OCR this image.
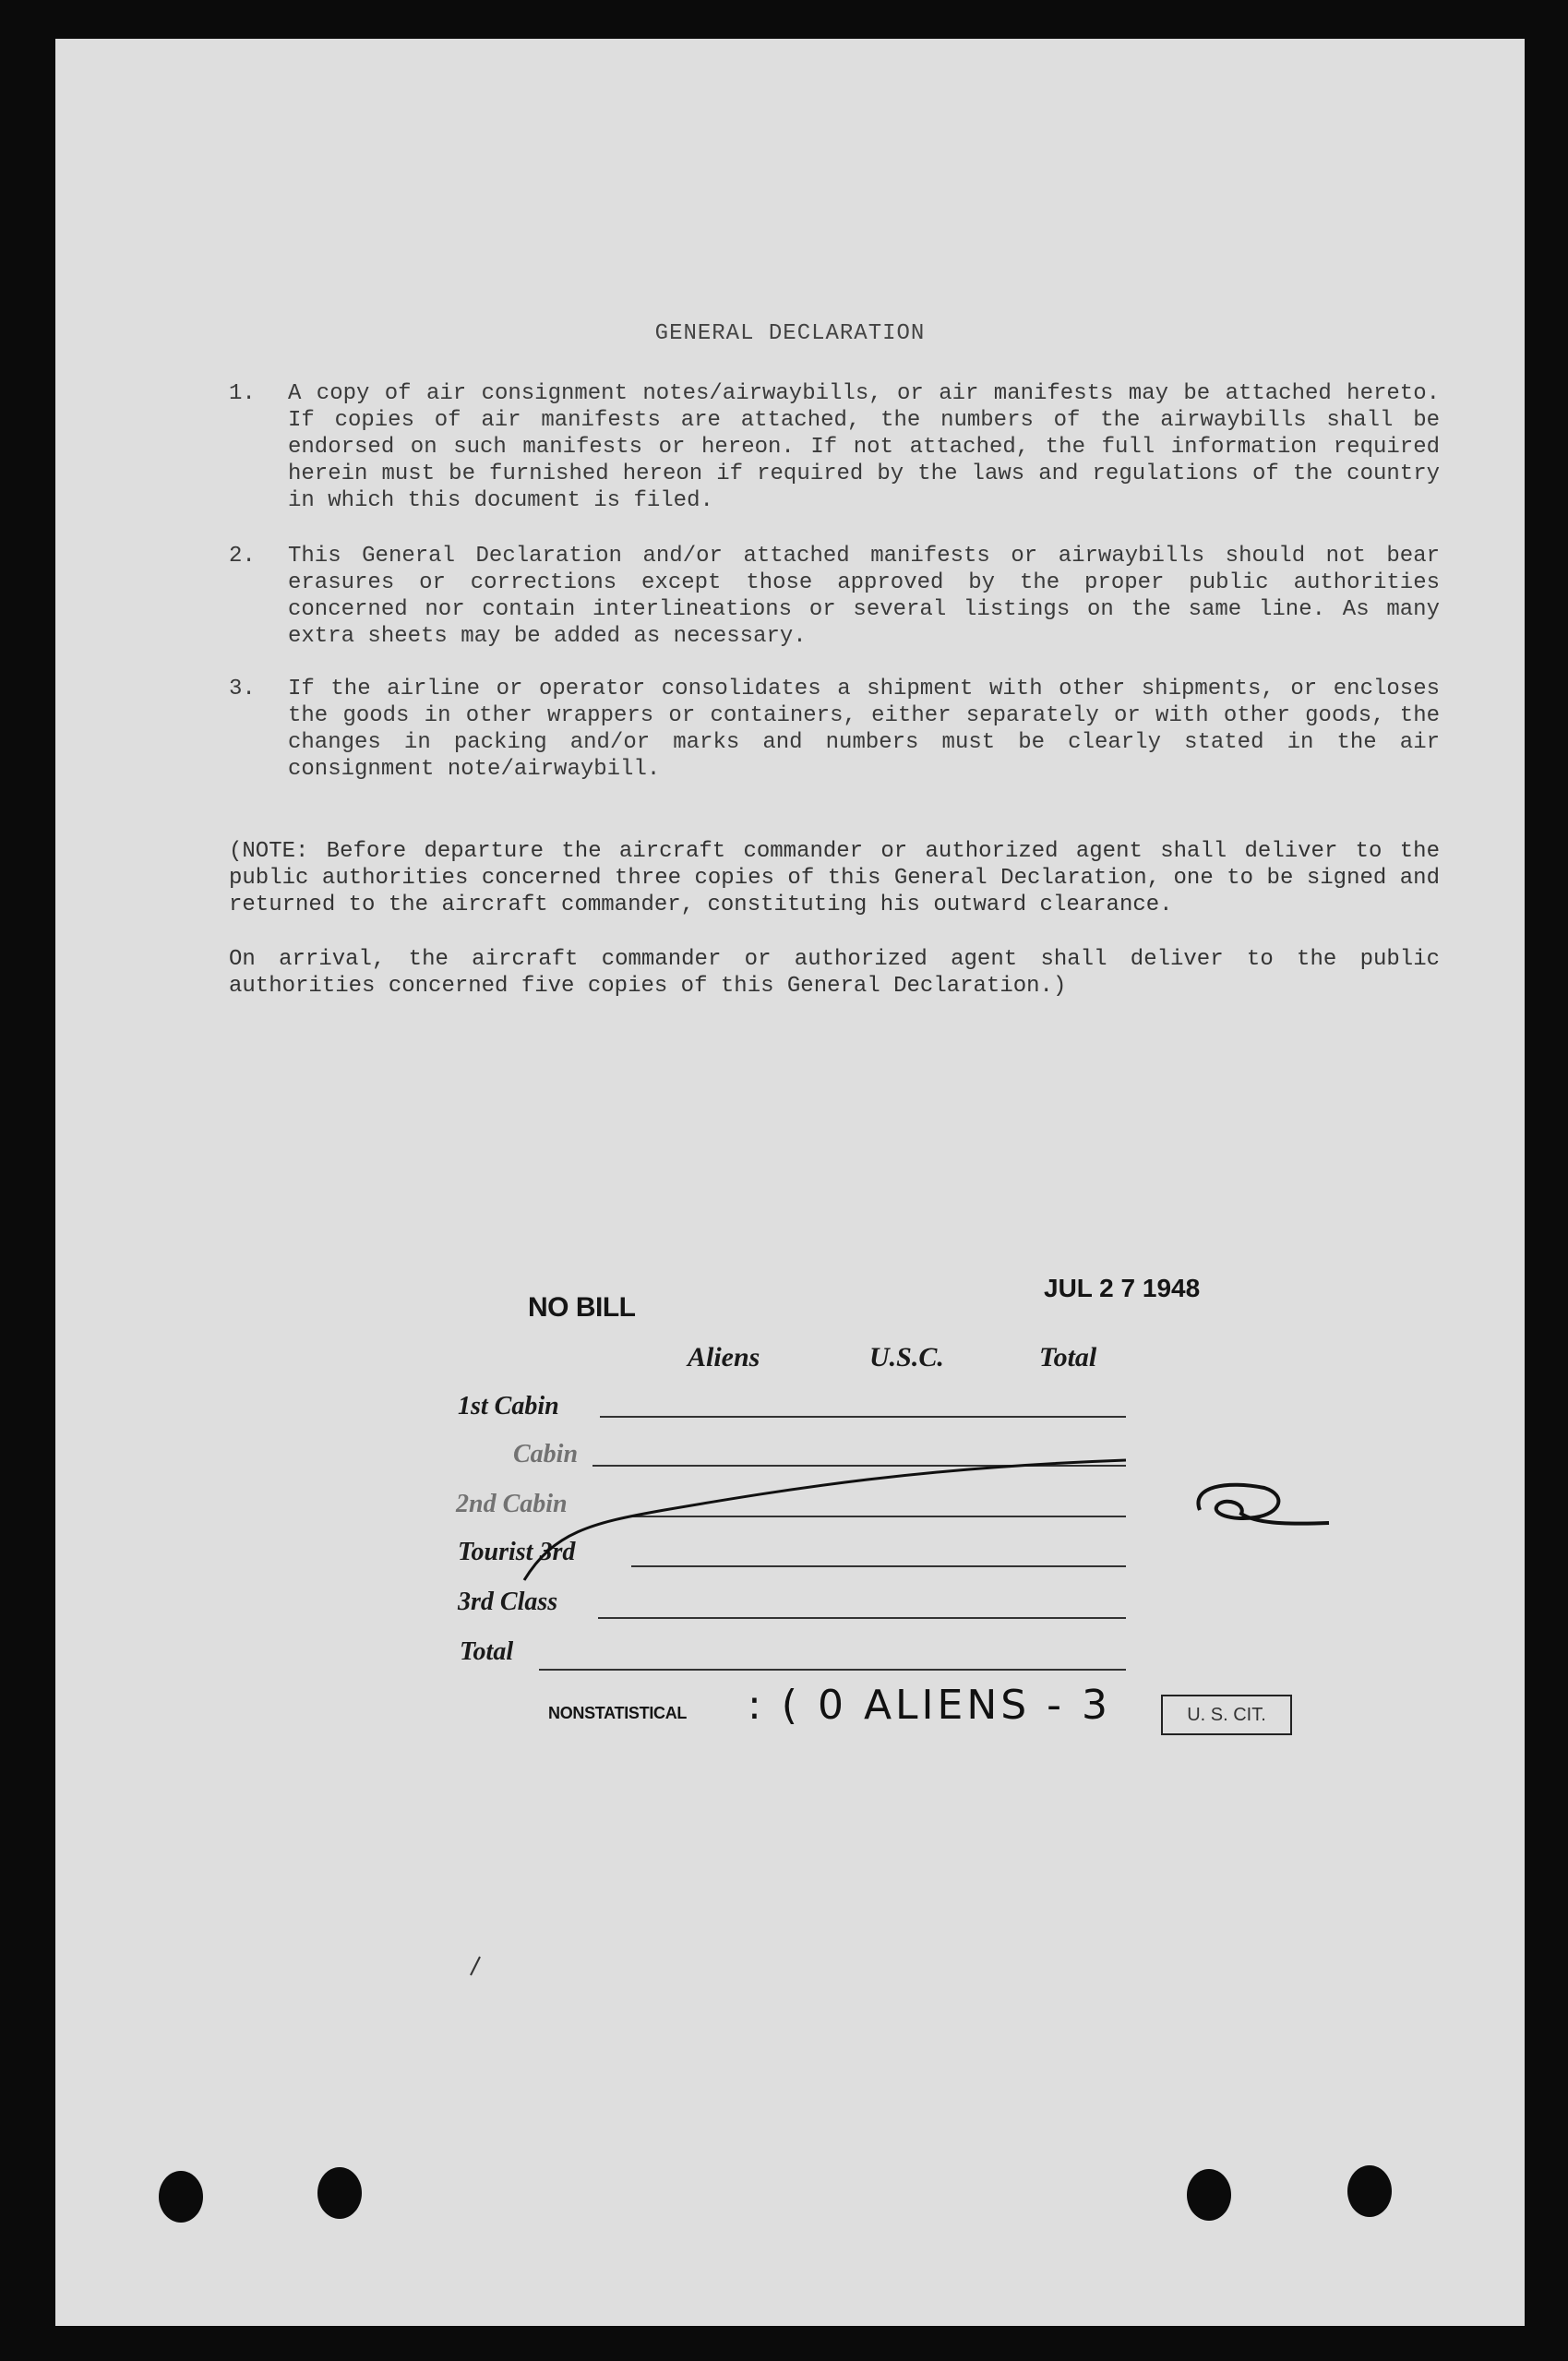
GENERAL DECLARATION
1. A copy of air consignment notes/airwaybills, or air manifests may be attached hereto. If copies of air manifests are attached, the numbers of the airwaybills shall be endorsed on such manifests or hereon. If not attached, the full information required herein must be furnished hereon if required by the laws and regulations of the country in which this document is filed.
2. This General Declaration and/or attached manifests or airwaybills should not bear erasures or corrections except those approved by the proper public authorities concerned nor contain interlineations or several listings on the same line. As many extra sheets may be added as necessary.
3. If the airline or operator consolidates a shipment with other shipments, or encloses the goods in other wrappers or containers, either separately or with other goods, the changes in packing and/or marks and numbers must be clearly stated in the air consignment note/airwaybill.
(NOTE: Before departure the aircraft commander or authorized agent shall deliver to the public authorities concerned three copies of this General Declaration, one to be signed and returned to the aircraft commander, constituting his outward clearance.
On arrival, the aircraft commander or authorized agent shall deliver to the public authorities concerned five copies of this General Declaration.)
NO BILL
JUL 2 7 1948
Aliens	U.S.C.	Total
1st Cabin
Cabin
2nd Cabin
Tourist 3rd
3rd Class
Total
NONSTATISTICAL : ( 0 ALIENS - 3	U. S. CIT.
